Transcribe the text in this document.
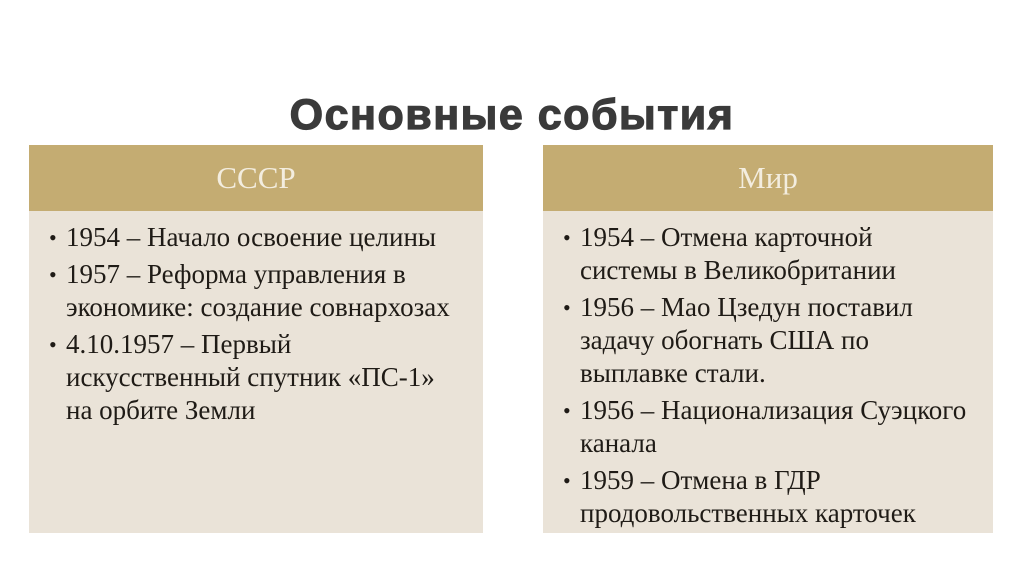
Основные события
СССР
• 1954 – Начало освоение целины
• 1957 – Реформа управления в экономике: создание совнархозах
• 4.10.1957 – Первый искусственный спутник «ПС-1» на орбите Земли
Мир
• 1954 – Отмена карточной системы в Великобритании
• 1956 – Мао Цзедун поставил задачу обогнать США по выплавке стали.
• 1956 – Национализация Суэцкого канала
• 1959 – Отмена в ГДР продовольственных карточек
